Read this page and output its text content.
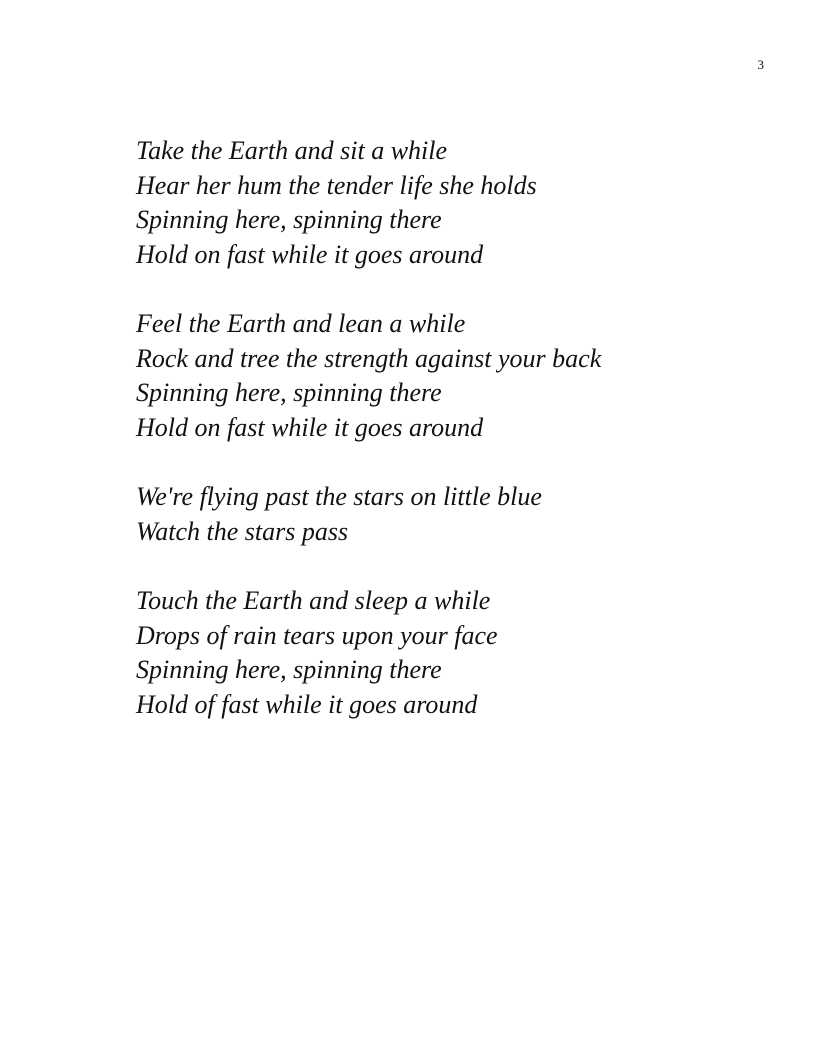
3
Take the Earth and sit a while
Hear her hum the tender life she holds
Spinning here, spinning there
Hold on fast while it goes around
Feel the Earth and lean a while
Rock and tree the strength against your back
Spinning here, spinning there
Hold on fast while it goes around
We're flying past the stars on little blue
Watch the stars pass
Touch the Earth and sleep a while
Drops of rain tears upon your face
Spinning here, spinning there
Hold of fast while it goes around
